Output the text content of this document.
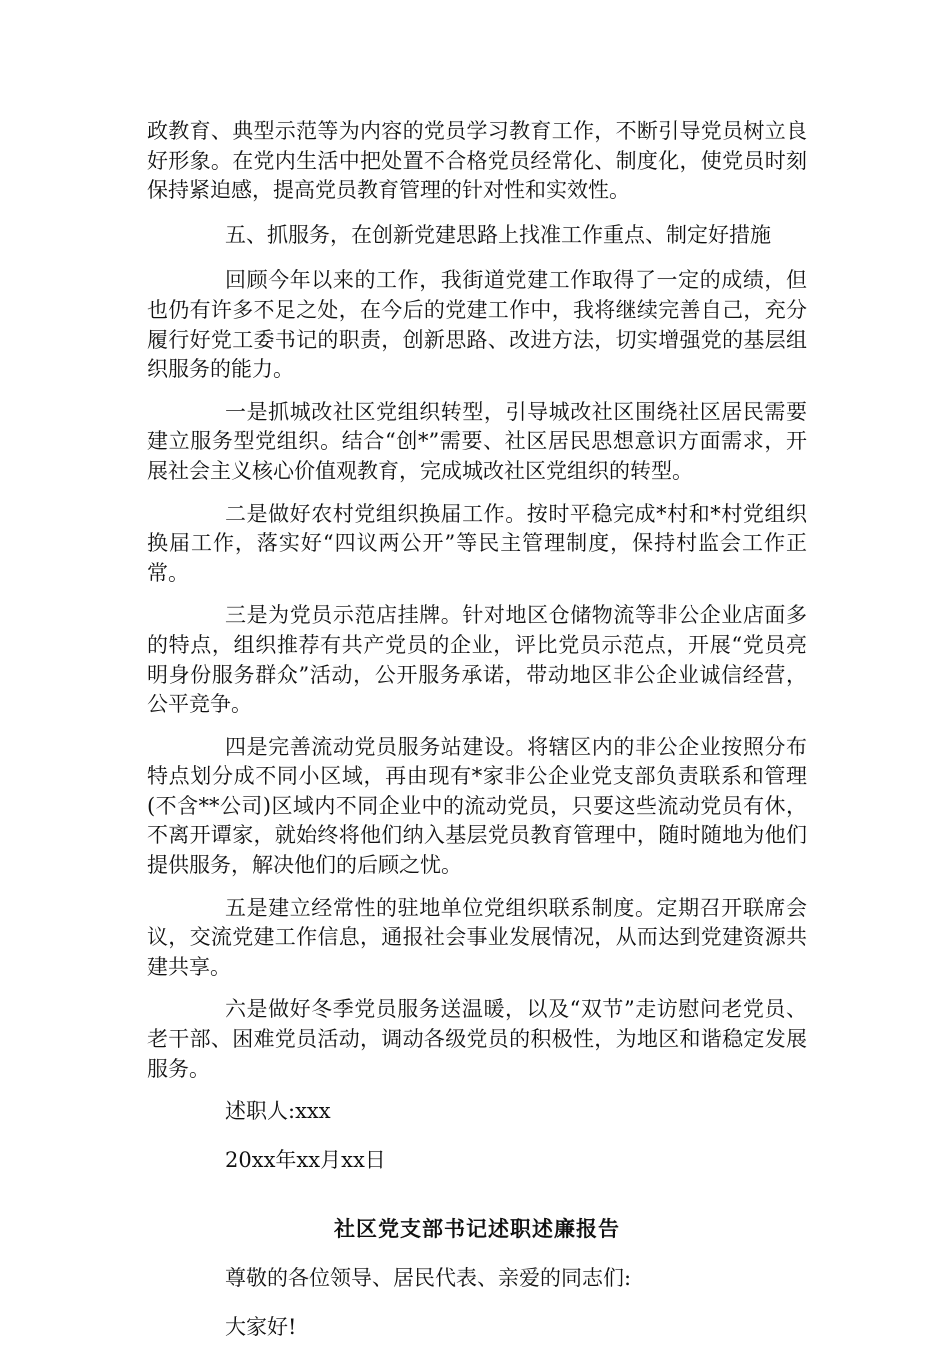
政教育、典型示范等为内容的党员学习教育工作，不断引导党员树立良好形象。在党内生活中把处置不合格党员经常化、制度化，使党员时刻保持紧迫感，提高党员教育管理的针对性和实效性。

五、抓服务，在创新党建思路上找准工作重点、制定好措施

回顾今年以来的工作，我街道党建工作取得了一定的成绩，但也仍有许多不足之处，在今后的党建工作中，我将继续完善自己，充分履行好党工委书记的职责，创新思路、改进方法，切实增强党的基层组织服务的能力。

一是抓城改社区党组织转型，引导城改社区围绕社区居民需要建立服务型党组织。结合“创*”需要、社区居民思想意识方面需求，开展社会主义核心价值观教育，完成城改社区党组织的转型。

二是做好农村党组织换届工作。按时平稳完成*村和*村党组织换届工作，落实好“四议两公开”等民主管理制度，保持村监会工作正常。

三是为党员示范店挂牌。针对地区仓储物流等非公企业店面多的特点，组织推荐有共产党员的企业，评比党员示范点，开展“党员亮明身份服务群众”活动，公开服务承诺，带动地区非公企业诚信经营，公平竞争。

四是完善流动党员服务站建设。将辖区内的非公企业按照分布特点划分成不同小区域，再由现有*家非公企业党支部负责联系和管理(不含**公司)区域内不同企业中的流动党员，只要这些流动党员有休，不离开谭家，就始终将他们纳入基层党员教育管理中，随时随地为他们提供服务，解决他们的后顾之忧。

五是建立经常性的驻地单位党组织联系制度。定期召开联席会议，交流党建工作信息，通报社会事业发展情况，从而达到党建资源共建共享。

六是做好冬季党员服务送温暖，以及“双节”走访慰问老党员、老干部、困难党员活动，调动各级党员的积极性，为地区和谐稳定发展服务。

述职人:xxx

20xx年xx月xx日

社区党支部书记述职述廉报告

尊敬的各位领导、居民代表、亲爱的同志们:

大家好!
